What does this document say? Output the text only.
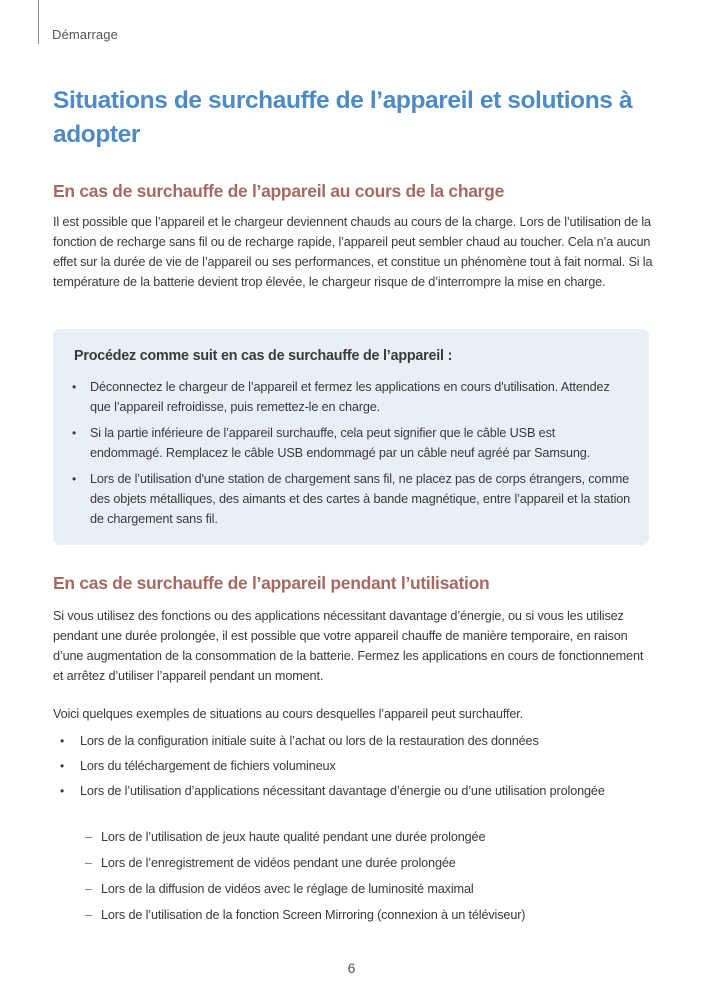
Démarrage
Situations de surchauffe de l’appareil et solutions à adopter
En cas de surchauffe de l’appareil au cours de la charge

Il est possible que l’appareil et le chargeur deviennent chauds au cours de la charge. Lors de l’utilisation de la fonction de recharge sans fil ou de recharge rapide, l’appareil peut sembler chaud au toucher. Cela n’a aucun effet sur la durée de vie de l’appareil ou ses performances, et constitue un phénomène tout à fait normal. Si la température de la batterie devient trop élevée, le chargeur risque de d’interrompre la mise en charge.

Procédez comme suit en cas de surchauffe de l’appareil :
• Déconnectez le chargeur de l’appareil et fermez les applications en cours d'utilisation. Attendez que l’appareil refroidisse, puis remettez-le en charge.
• Si la partie inférieure de l’appareil surchauffe, cela peut signifier que le câble USB est endommagé. Remplacez le câble USB endommagé par un câble neuf agréé par Samsung.
• Lors de l’utilisation d'une station de chargement sans fil, ne placez pas de corps étrangers, comme des objets métalliques, des aimants et des cartes à bande magnétique, entre l’appareil et la station de chargement sans fil.
En cas de surchauffe de l’appareil pendant l’utilisation

Si vous utilisez des fonctions ou des applications nécessitant davantage d’énergie, ou si vous les utilisez pendant une durée prolongée, il est possible que votre appareil chauffe de manière temporaire, en raison d’une augmentation de la consommation de la batterie. Fermez les applications en cours de fonctionnement et arrêtez d’utiliser l’appareil pendant un moment.

Voici quelques exemples de situations au cours desquelles l’appareil peut surchauffer.

• Lors de la configuration initiale suite à l’achat ou lors de la restauration des données
• Lors du téléchargement de fichiers volumineux
• Lors de l’utilisation d’applications nécessitant davantage d’énergie ou d’une utilisation prolongée
– Lors de l’utilisation de jeux haute qualité pendant une durée prolongée
– Lors de l’enregistrement de vidéos pendant une durée prolongée
– Lors de la diffusion de vidéos avec le réglage de luminosité maximal
– Lors de l’utilisation de la fonction Screen Mirroring (connexion à un téléviseur)
6
